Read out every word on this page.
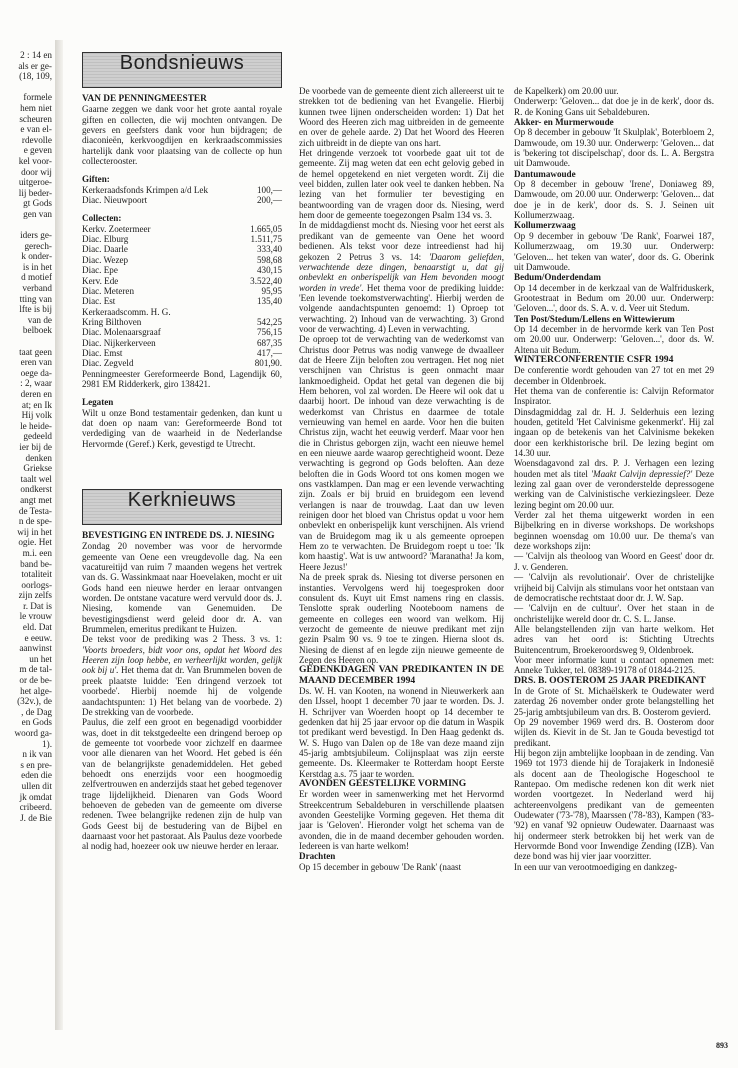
2 : 14 en
als er ge-
(18, 109,

formele
hem niet
scheuren
e van el-
rdevolle
e geven
kel voor-
door wij
uitgeroe-
lij beder-
gt Gods
gen van

iders ge-
gerech-
k onder-
is in het
d motief
verband
tting van
lfte is bij
van de
belboek

taat geen
eren van
oege da-
: 2, waar
deren en
at; en Ik
Hij volk
le heide-
gedeeld
ier bij de
denken
Griekse
taalt wel
ondkerst
angt met
de Testa-
n de spe-
wij in het
ogie. Het
m.i. een
band be-
totaliteit
oorlogs-
zijn zelfs
r. Dat is
le vrouw
eld. Dat
e eeuw.
aanwinst
un het
m de tal-
or de be-
het alge-
(32v.), de
, de Dag
en Gods
woord ga-
1).
n ik van
s en pre-
eden die
ullen dit
jk omdat
cribeerd.
J. de Bie
Bondsnieuws

VAN DE PENNINGMEESTER

Gaarne zeggen we dank voor het grote aantal royale giften en collecten, die wij mochten ontvangen. De gevers en geefsters dank voor hun bijdragen; de diaconieën, kerkvoogdijen en kerkraadscommissies hartelijk dank voor plaatsing van de collecte op hun collecterooster.

Giften:

Kerkeraadsfonds Krimpen a/d Lek	100,—
Diac. Nieuwpoort	200,—

Collecten:

Kerkv. Zoetermeer	1.665,05
Diac. Elburg	1.511,75
Diac. Daarle	333,40
Diac. Wezep	598,68
Diac. Epe	430,15
Kerv. Ede	3.522,40
Diac. Meteren	95,95
Diac. Est	135,40
Kerkeraadscomm. H. G.	
Kring Bilthoven	542,25
Diac. Molenaarsgraaf	756,15
Diac. Nijkerkerveen	687,35
Diac. Emst	417,—
Diac. Zegveld	801,90.

Penningmeester Gereformeerde Bond, Lagendijk 60, 2981 EM Ridderkerk, giro 138421.

Legaten

Wilt u onze Bond testamentair gedenken, dan kunt u dat doen op naam van: Gereformeerde Bond tot verdediging van de waarheid in de Nederlandse Hervormde (Geref.) Kerk, gevestigd te Utrecht.

Kerknieuws

BEVESTIGING EN INTREDE DS. J. NIESING

Zondag 20 november was voor de hervormde gemeente van Oene een vreugdevolle dag. Na een vacatureitijd van ruim 7 maanden wegens het vertrek van ds. G. Wassinkmaat naar Hoevelaken, mocht er uit Gods hand een nieuwe herder en leraar ontvangen worden. De ontstane vacature werd vervuld door ds. J. Niesing, komende van Genemuiden. De bevestigingsdienst werd geleid door dr. A. van Brummelen, emeritus predikant te Huizen.

De tekst voor de prediking was 2 Thess. 3 vs. 1: 'Voorts broeders, bidt voor ons, opdat het Woord des Heeren zijn loop hebbe, en verheerlijkt worden, gelijk ook bij u'. Het thema dat dr. Van Brummelen boven de preek plaatste luidde: 'Een dringend verzoek tot voorbede'. Hierbij noemde hij de volgende aandachtspunten: 1) Het belang van de voorbede. 2) De strekking van de voorbede.

Paulus, die zelf een groot en begenadigd voorbidder was, doet in dit tekstgedeelte een dringend beroep op de gemeente tot voorbede voor zichzelf en daarmee voor alle dienaren van het Woord. Het gebed is één van de belangrijkste genademiddelen. Het gebed behoedt ons enerzijds voor een hoogmoedig zelfvertrouwen en anderzijds staat het gebed tegenover trage lijdelijkheid. Dienaren van Gods Woord behoeven de gebeden van de gemeente om diverse redenen. Twee belangrijke redenen zijn de hulp van Gods Geest bij de bestudering van de Bijbel en daarnaast voor het pastoraat. Als Paulus deze voorbede al nodig had, hoezeer ook uw nieuwe herder en leraar.

De voorbede van de gemeente dient zich allereerst uit te strekken tot de bediening van het Evangelie. Hierbij kunnen twee lijnen onderscheiden worden: 1) Dat het Woord des Heeren zich mag uitbreiden in de gemeente en over de gehele aarde. 2) Dat het Woord des Heeren zich uitbreidt in de diepte van ons hart.

Het dringende verzoek tot voorbede gaat uit tot de gemeente. Zij mag weten dat een echt gelovig gebed in de hemel opgetekend en niet vergeten wordt. Zij die veel bidden, zullen later ook veel te danken hebben. Na lezing van het formulier ter bevestiging en beantwoording van de vragen door ds. Niesing, werd hem door de gemeente toegezongen Psalm 134 vs. 3.

In de middagdienst mocht ds. Niesing voor het eerst als predikant van de gemeente van Oene het woord bedienen. Als tekst voor deze intreedienst had hij gekozen 2 Petrus 3 vs. 14: 'Daarom geliefden, verwachtende deze dingen, benaarstigt u, dat gij onbevlekt en onberispelijk van Hem bevonden moogt worden in vrede'. Het thema voor de prediking luidde: 'Een levende toekomstverwachting'. Hierbij werden de volgende aandachtspunten genoemd: 1) Oproep tot verwachting. 2) Inhoud van de verwachting. 3) Grond voor de verwachting. 4) Leven in verwachting.

De oproep tot de verwachting van de wederkomst van Christus door Petrus was nodig vanwege de dwaalleer dat de Heere Zijn beloften zou vertragen. Het nog niet verschijnen van Christus is geen onmacht maar lankmoedigheid. Opdat het getal van degenen die bij Hem behoren, vol zal worden. De Heere wil ook dat u daarbij hoort. De inhoud van deze verwachting is de wederkomst van Christus en daarmee de totale vernieuwing van hemel en aarde. Voor hen die buiten Christus zijn, wacht het eeuwig verderf. Maar voor hen die in Christus geborgen zijn, wacht een nieuwe hemel en een nieuwe aarde waarop gerechtigheid woont. Deze verwachting is gegrond op Gods beloften. Aan deze beloften die in Gods Woord tot ons komen mogen we ons vastklampen. Dan mag er een levende verwachting zijn. Zoals er bij bruid en bruidegom een levend verlangen is naar de trouwdag. Laat dan uw leven reinigen door het bloed van Christus opdat u voor hem onbevlekt en onberispelijk kunt verschijnen. Als vriend van de Bruidegom mag ik u als gemeente oproepen Hem zo te verwachten. De Bruidegom roept u toe: 'Ik kom haastig'. Wat is uw antwoord? 'Maranatha! Ja kom, Heere Jezus!'

Na de preek sprak ds. Niesing tot diverse personen en instanties. Vervolgens werd hij toegesproken door consulent ds. Kuyt uit Emst namens ring en classis. Tenslotte sprak ouderling Nooteboom namens de gemeente en colleges een woord van welkom. Hij verzocht de gemeente de nieuwe predikant met zijn gezin Psalm 90 vs. 9 toe te zingen. Hierna sloot ds. Niesing de dienst af en legde zijn nieuwe gemeente de Zegen des Heeren op.

GEDENKDAGEN VAN PREDIKANTEN IN DE MAAND DECEMBER 1994

Ds. W. H. van Kooten, na wonend in Nieuwerkerk aan den IJssel, hoopt 1 december 70 jaar te worden. Ds. J. H. Schrijver van Woerden hoopt op 14 december te gedenken dat hij 25 jaar ervoor op die datum in Waspik tot predikant werd bevestigd. In Den Haag gedenkt ds. W. S. Hugo van Dalen op de 18e van deze maand zijn 45-jarig ambtsjubileum. Colijnsplaat was zijn eerste gemeente. Ds. Kleermaker te Rotterdam hoopt Eerste Kerstdag a.s. 75 jaar te worden.

AVONDEN GEESTELIJKE VORMING

Er worden weer in samenwerking met het Hervormd Streekcentrum Sebaldeburen in verschillende plaatsen avonden Geestelijke Vorming gegeven. Het thema dit jaar is 'Geloven'. Hieronder volgt het schema van de avonden, die in de maand december gehouden worden. Iedereen is van harte welkom!

Drachten

Op 15 december in gebouw 'De Rank' (naast

de Kapelkerk) om 20.00 uur.

Onderwerp: 'Geloven... dat doe je in de kerk', door ds. R. de Koning Gans uit Sebaldeburen.

Akker- en Murmerwoude

Op 8 december in gebouw 'It Skulplak', Boterbloem 2, Damwoude, om 19.30 uur. Onderwerp: 'Geloven... dat is 'bekering tot discipelschap', door ds. L. A. Bergstra uit Damwoude.

Dantumawoude

Op 8 december in gebouw 'Irene', Doniaweg 89, Damwoude, om 20.00 uur. Onderwerp: 'Geloven... dat doe je in de kerk', door ds. S. J. Seinen uit Kollumerzwaag.

Kollumerzwaag

Op 9 december in gebouw 'De Rank', Foarwei 187, Kollumerzwaag, om 19.30 uur. Onderwerp: 'Geloven... het teken van water', door ds. G. Oberink uit Damwoude.

Bedum/Onderdendam

Op 14 december in de kerkzaal van de Walfriduskerk, Grootestraat in Bedum om 20.00 uur. Onderwerp: 'Geloven...', door ds. S. A. v. d. Veer uit Stedum.

Ten Post/Stedum/Lellens en Wittewierum

Op 14 december in de hervormde kerk van Ten Post om 20.00 uur. Onderwerp: 'Geloven...', door ds. W. Altena uit Bedum.

WINTERCONFERENTIE CSFR 1994

De conferentie wordt gehouden van 27 tot en met 29 december in Oldenbroek.

Het thema van de conferentie is: Calvijn Reformator Inspirator.

Dinsdagmiddag zal dr. H. J. Selderhuis een lezing houden, getiteld 'Het Calvinisme gekenmerkt'. Hij zal ingaan op de betekenis van het Calvinisme bekeken door een kerkhistorische bril. De lezing begint om 14.30 uur.

Woensdagavond zal drs. P. J. Verhagen een lezing houden met als titel 'Maakt Calvijn depressief?' Deze lezing zal gaan over de veronderstelde depressogene werking van de Calvinistische verkiezingsleer. Deze lezing begint om 20.00 uur.

Verder zal het thema uitgewerkt worden in een Bijbelkring en in diverse workshops. De workshops beginnen woensdag om 10.00 uur. De thema's van deze workshops zijn:

— 'Calvijn als theoloog van Woord en Geest' door dr. J. v. Genderen.

— 'Calvijn als revolutionair'. Over de christelijke vrijheid bij Calvijn als stimulans voor het ontstaan van de democratische rechtstaat door dr. J. W. Sap.

— 'Calvijn en de cultuur'. Over het staan in de onchristelijke wereld door dr. C. S. L. Janse.

Alle belangstellenden zijn van harte welkom. Het adres van het oord is: Stichting Utrechts Buitencentrum, Broekeroordsweg 9, Oldenbroek.

Voor meer informatie kunt u contact opnemen met: Anneke Tukker, tel. 08389-19178 of 01844-2125.

DRS. B. OOSTEROM 25 JAAR PREDIKANT

In de Grote of St. Michaëlskerk te Oudewater werd zaterdag 26 november onder grote belangstelling het 25-jarig ambtsjubileum van drs. B. Oosterom gevierd.

Op 29 november 1969 werd drs. B. Oosterom door wijlen ds. Kievit in de St. Jan te Gouda bevestigd tot predikant.

Hij begon zijn ambtelijke loopbaan in de zending. Van 1969 tot 1973 diende hij de Torajakerk in Indonesië als docent aan de Theologische Hogeschool te Rantepao. Om medische redenen kon dit werk niet worden voortgezet. In Nederland werd hij achtereenvolgens predikant van de gemeenten Oudewater ('73-'78), Maarssen ('78-'83), Kampen ('83-'92) en vanaf '92 opnieuw Oudewater. Daarnaast was hij ondermeer sterk betrokken bij het werk van de Hervormde Bond voor Inwendige Zending (IZB). Van deze bond was hij vier jaar voorzitter.

In een uur van verootmoediging en dankzeg-

893
